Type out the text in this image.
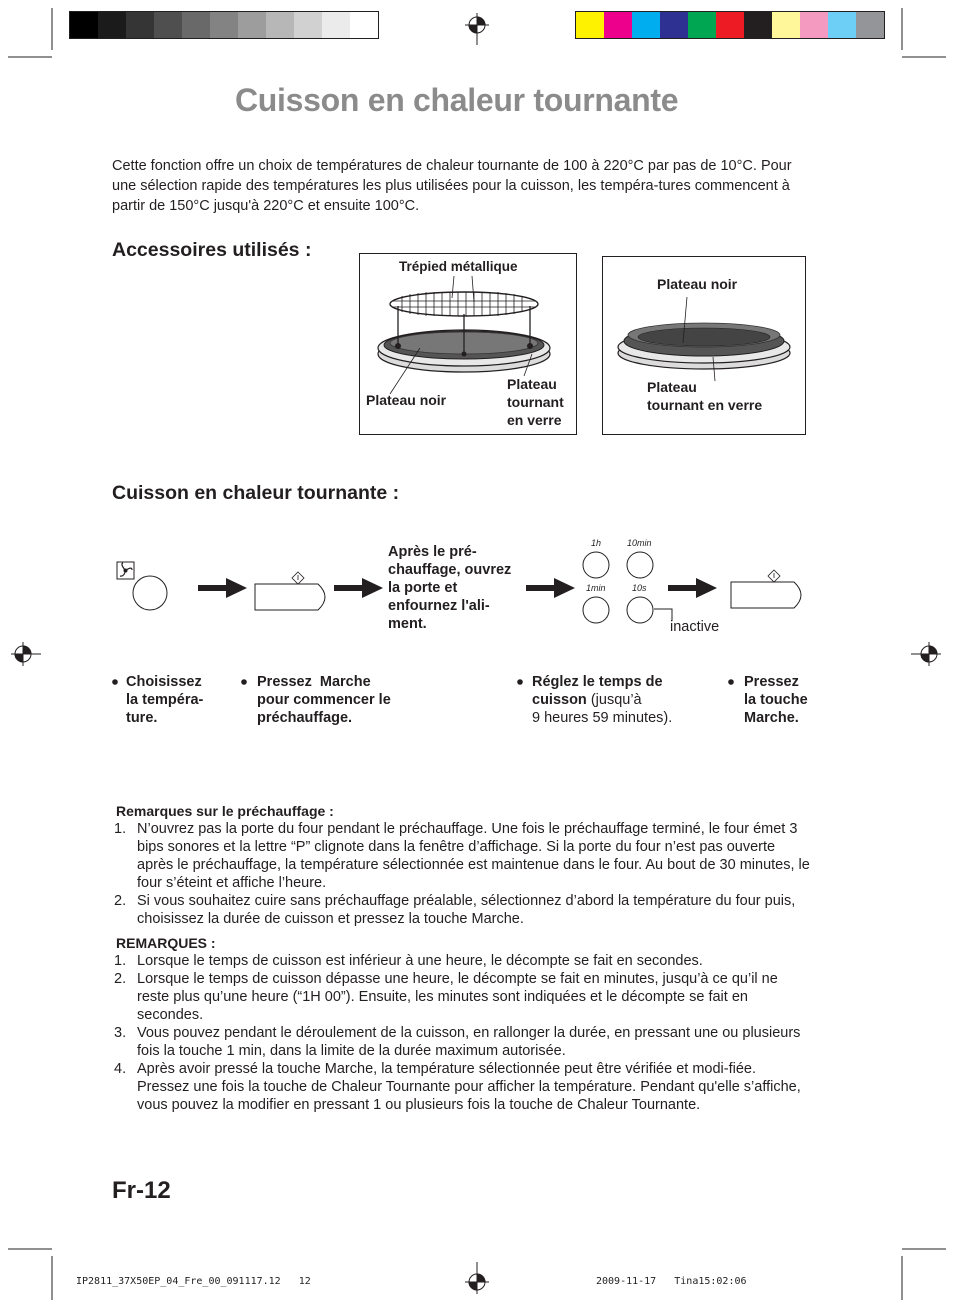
Cuisson en chaleur tournante
Cette fonction offre un choix de températures de chaleur tournante de 100 à 220°C par pas de 10°C. Pour une sélection rapide des températures les plus utilisées pour la cuisson, les tempéra-tures commencent à partir de 150°C jusqu'à 220°C et ensuite 100°C.
Accessoires utilisés :
Trépied métallique
Plateau noir
Plateau
tournant
en verre
Plateau noir
Plateau
tournant en verre
Cuisson en chaleur tournante :
1h	10min
1min	10s
inactive
Après le pré-
chauffage, ouvrez
la porte et
enfournez l'ali-
ment.
Choisissez
la tempéra-
ture.
Pressez  Marche
pour commencer le
préchauffage.
Réglez le temps de
cuisson (jusqu’à
9 heures 59 minutes).
Pressez
la touche
Marche.
Remarques sur le préchauffage :
1. N’ouvrez pas la porte du four pendant le préchauffage. Une fois le préchauffage terminé, le four émet 3 bips sonores et la lettre “P” clignote dans la fenêtre d’affichage. Si la porte du four n’est pas ouverte après le préchauffage, la température sélectionnée est maintenue dans le four. Au bout de 30 minutes, le four s’éteint et affiche l’heure.
2. Si vous souhaitez cuire sans préchauffage préalable, sélectionnez d’abord la température du four puis, choisissez la durée de cuisson et pressez la touche Marche.
REMARQUES :
1. Lorsque le temps de cuisson est inférieur à une heure, le décompte se fait en secondes.
2. Lorsque le temps de cuisson dépasse une heure, le décompte se fait en minutes, jusqu’à ce qu’il ne reste plus qu’une heure (“1H 00”). Ensuite, les minutes sont indiquées et le décompte se fait en secondes.
3. Vous pouvez pendant le déroulement de la cuisson, en rallonger la durée, en pressant une ou plusieurs fois la touche 1 min, dans la limite de la durée maximum autorisée.
4. Après avoir pressé la touche Marche, la température sélectionnée peut être vérifiée et modi-fiée. Pressez une fois la touche de Chaleur Tournante pour afficher la température. Pendant qu'elle s’affiche, vous pouvez la modifier en pressant 1 ou plusieurs fois la touche de Chaleur Tournante.
Fr-12
IP2811_37X50EP_04_Fre_00_091117.12   12	2009-11-17   Tina15:02:06
